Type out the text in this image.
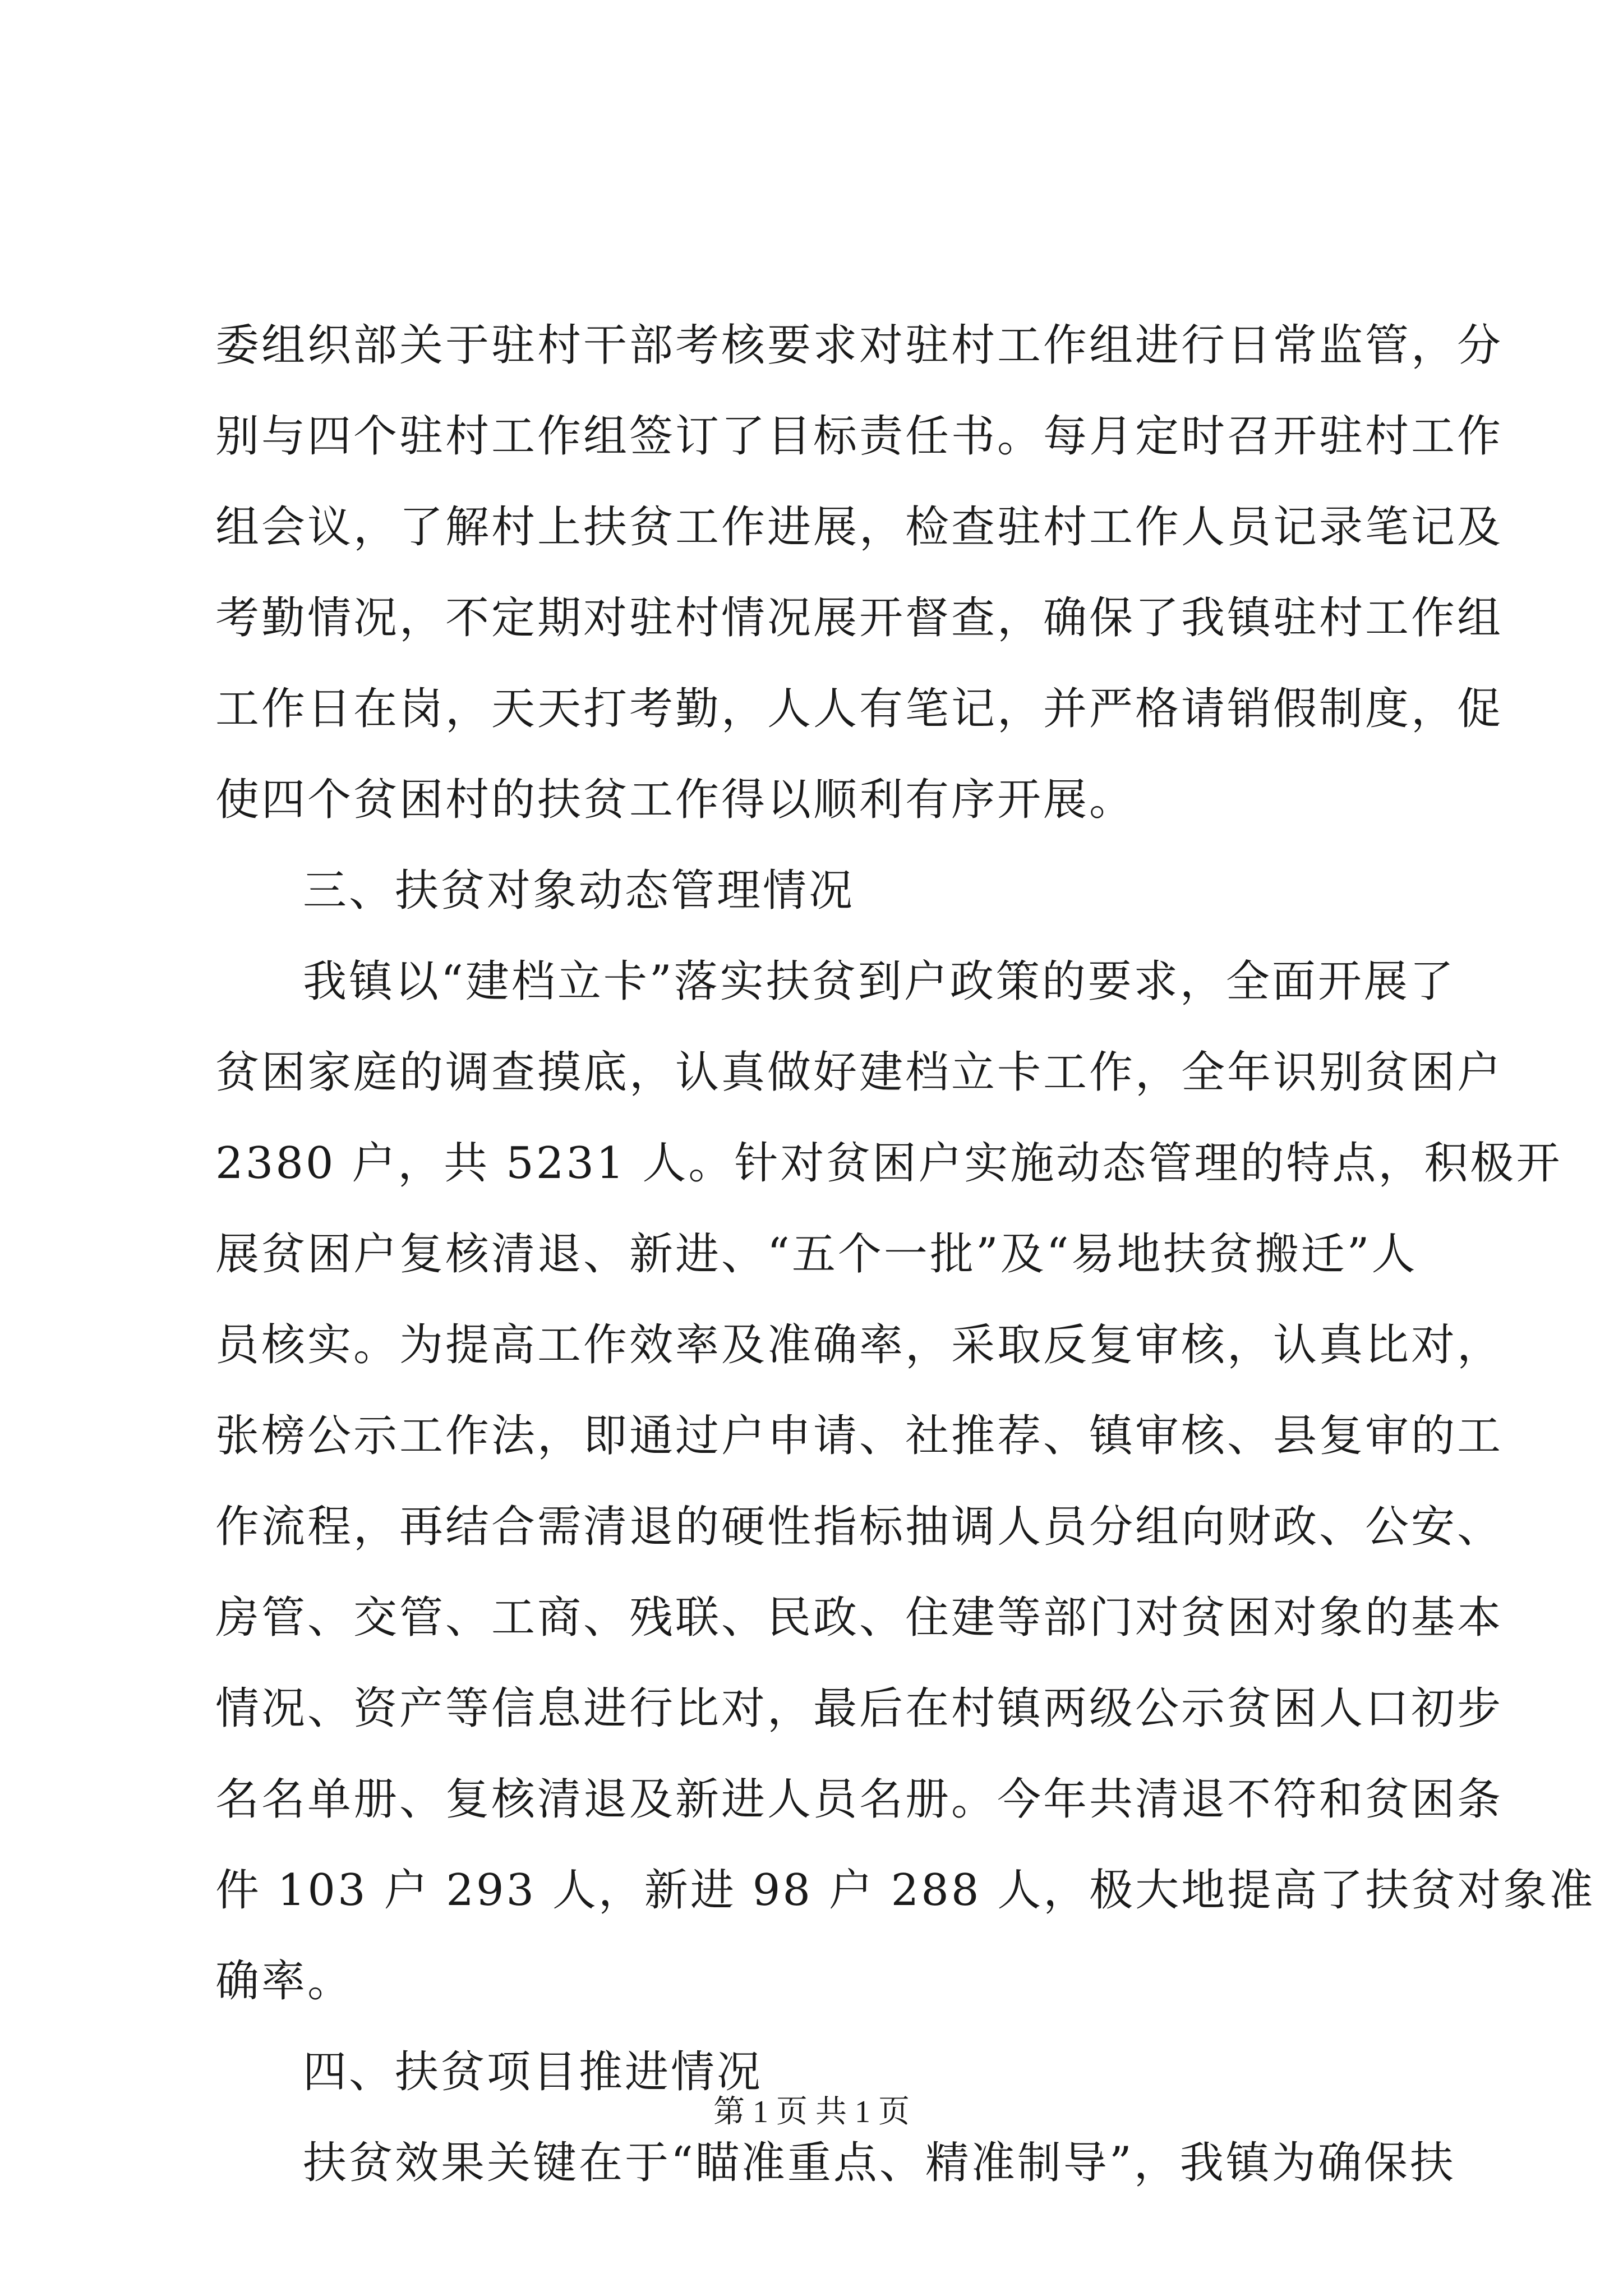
委组织部关于驻村干部考核要求对驻村工作组进行日常监管，分
别与四个驻村工作组签订了目标责任书。每月定时召开驻村工作
组会议，了解村上扶贫工作进展，检查驻村工作人员记录笔记及
考勤情况，不定期对驻村情况展开督查，确保了我镇驻村工作组
工作日在岗，天天打考勤，人人有笔记，并严格请销假制度，促
使四个贫困村的扶贫工作得以顺利有序开展。
三、扶贫对象动态管理情况
我镇以“建档立卡”落实扶贫到户政策的要求，全面开展了
贫困家庭的调查摸底，认真做好建档立卡工作，全年识别贫困户
2380 户，共 5231 人。针对贫困户实施动态管理的特点，积极开
展贫困户复核清退、新进、“五个一批”及“易地扶贫搬迁”人
员核实。为提高工作效率及准确率，采取反复审核，认真比对，
张榜公示工作法，即通过户申请、社推荐、镇审核、县复审的工
作流程，再结合需清退的硬性指标抽调人员分组向财政、公安、
房管、交管、工商、残联、民政、住建等部门对贫困对象的基本
情况、资产等信息进行比对，最后在村镇两级公示贫困人口初步
名名单册、复核清退及新进人员名册。今年共清退不符和贫困条
件 103 户 293 人，新进 98 户 288 人，极大地提高了扶贫对象准
确率。
四、扶贫项目推进情况
扶贫效果关键在于“瞄准重点、精准制导”，我镇为确保扶
第 1 页 共 1 页
